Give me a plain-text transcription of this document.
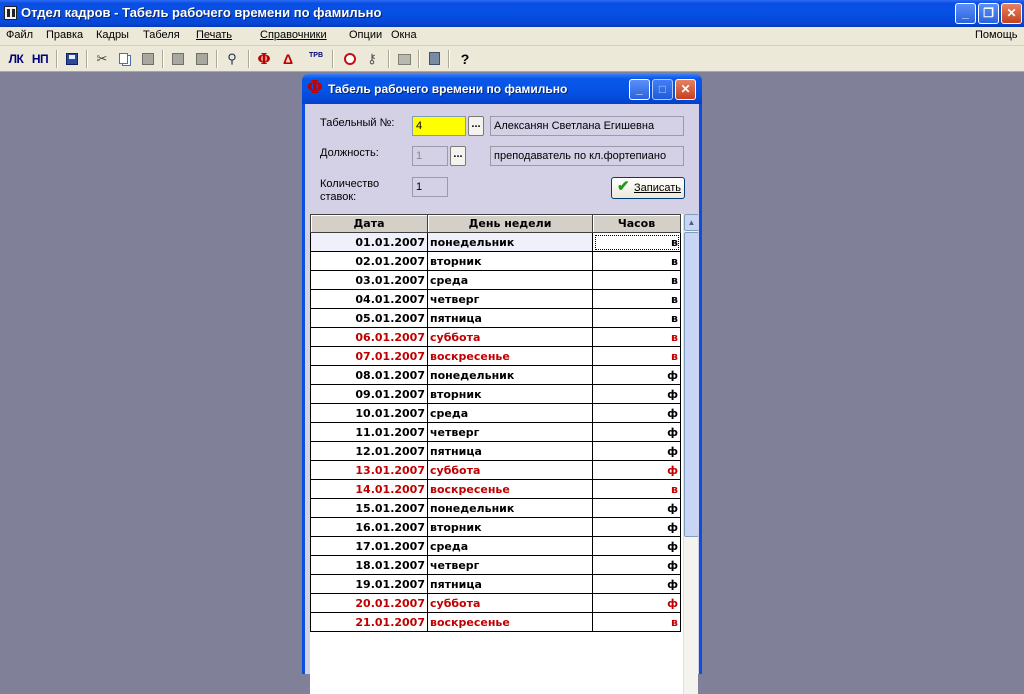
Отдел кадров - Табель рабочего времени по фамильно	_	❐	✕
Файл Правка Кадры Табеля Печать	Справочники Опции Окна	Помощь
ЛК НП	✂	⚲	Φ Δ	ТРВ	⚷	?
Φ Табель рабочего времени по фамильно	_	□	✕
Табельный №:	4	...	Алексанян Светлана Егишевна
Должность:	1	...	преподаватель по кл.фортепиано
Количество
ставок:
1	✔ Записать
Дата	День недели	Часов
01.01.2007	понедельник	в
02.01.2007	вторник	в
03.01.2007	среда	в
04.01.2007	четверг	в
05.01.2007	пятница	в
06.01.2007	суббота	в
07.01.2007	воскресенье	в
08.01.2007	понедельник	ф
09.01.2007	вторник	ф
10.01.2007	среда	ф
11.01.2007	четверг	ф
12.01.2007	пятница	ф
13.01.2007	суббота	ф
14.01.2007	воскресенье	в
15.01.2007	понедельник	ф
16.01.2007	вторник	ф
17.01.2007	среда	ф
18.01.2007	четверг	ф
19.01.2007	пятница	ф
20.01.2007	суббота	ф
21.01.2007	воскресенье	в
▲
